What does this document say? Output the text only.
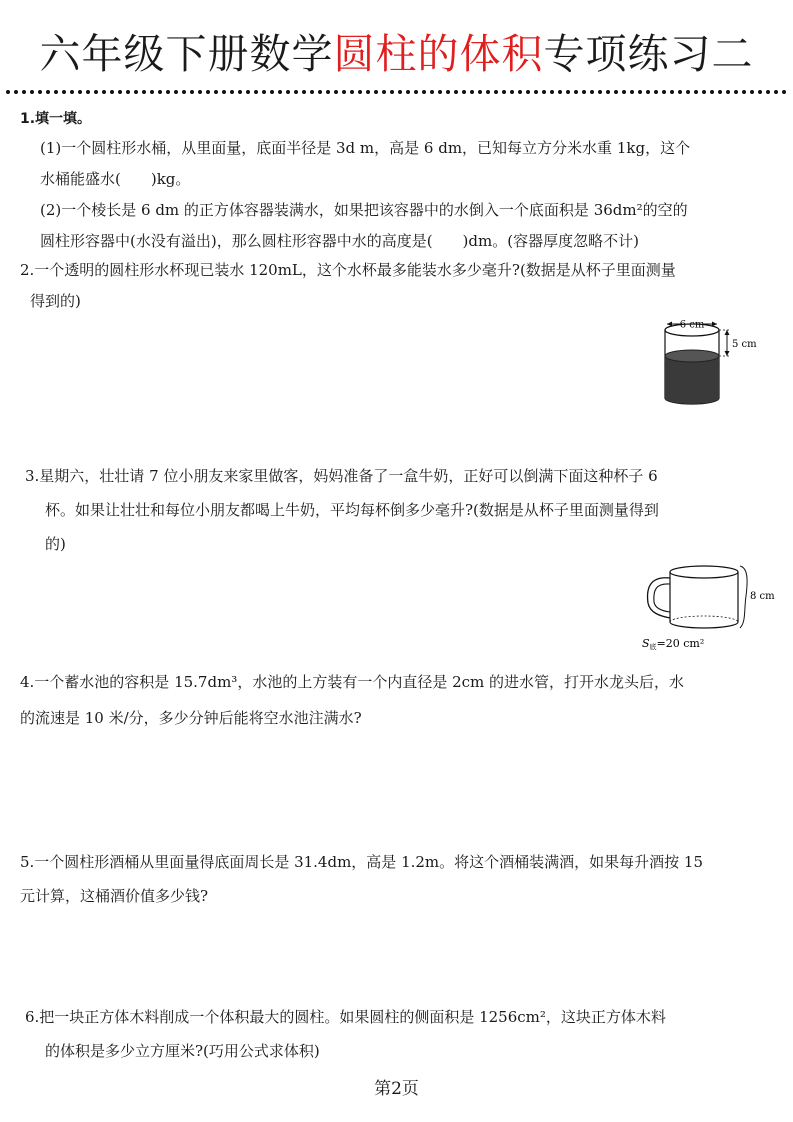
六年级下册数学圆柱的体积专项练习二

1.填一填。

(1)一个圆柱形水桶，从里面量，底面半径是 3d m，高是 6 dm，已知每立方分米水重 1kg，这个

水桶能盛水(　　)kg。

(2)一个棱长是 6 dm 的正方体容器装满水，如果把该容器中的水倒入一个底面积是 36dm²的空的

圆柱形容器中(水没有溢出)，那么圆柱形容器中水的高度是(　　)dm。(容器厚度忽略不计)

2.一个透明的圆柱形水杯现已装水 120mL，这个水杯最多能装水多少毫升?(数据是从杯子里面测量

得到的)

6 cm
5 cm

3.星期六，壮壮请 7 位小朋友来家里做客，妈妈准备了一盒牛奶，正好可以倒满下面这种杯子 6

杯。如果让壮壮和每位小朋友都喝上牛奶，平均每杯倒多少毫升?(数据是从杯子里面测量得到

的)

8 cm
S底=20 cm²

4.一个蓄水池的容积是 15.7dm³，水池的上方装有一个内直径是 2cm 的进水管，打开水龙头后，水

的流速是 10 米/分，多少分钟后能将空水池注满水?

5.一个圆柱形酒桶从里面量得底面周长是 31.4dm，高是 1.2m。将这个酒桶装满酒，如果每升酒按 15

元计算，这桶酒价值多少钱?

6.把一块正方体木料削成一个体积最大的圆柱。如果圆柱的侧面积是 1256cm²，这块正方体木料

的体积是多少立方厘米?(巧用公式求体积)

第2页
